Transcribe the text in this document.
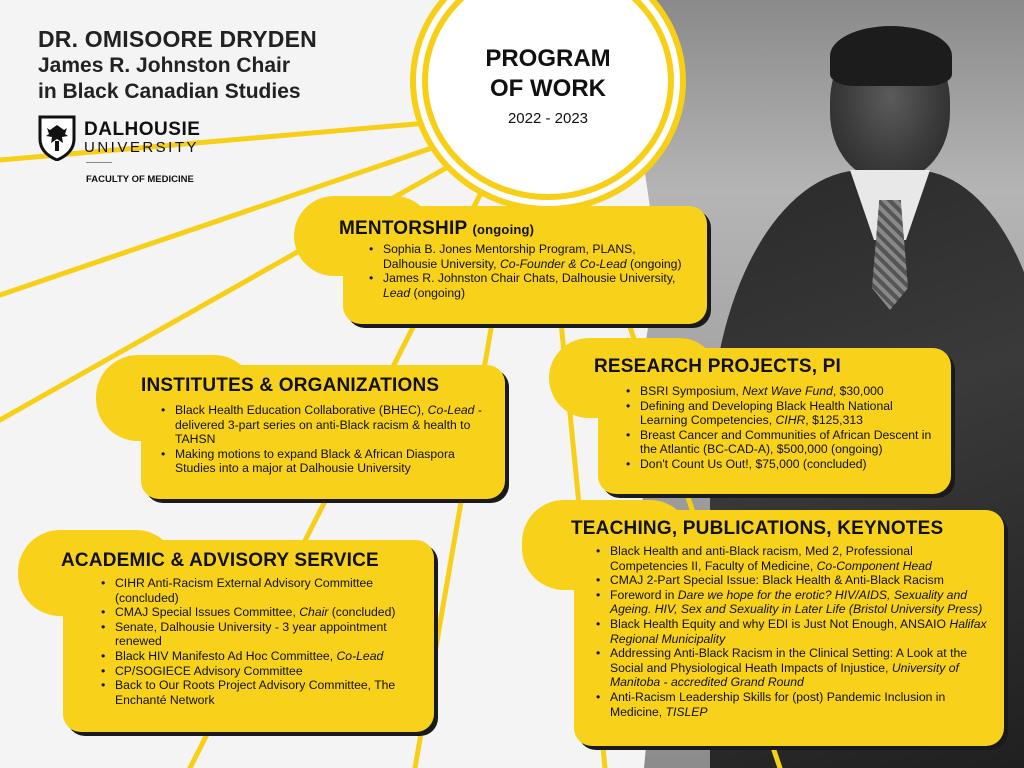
DR. OMISOORE DRYDEN
James R. Johnston Chair
in Black Canadian Studies
DALHOUSIE
UNIVERSITY
FACULTY OF MEDICINE
PROGRAM
OF WORK
2022 - 2023
MENTORSHIP (ongoing)
• Sophia B. Jones Mentorship Program, PLANS, Dalhousie University, Co-Founder & Co-Lead (ongoing)
• James R. Johnston Chair Chats, Dalhousie University, Lead (ongoing)
INSTITUTES & ORGANIZATIONS
• Black Health Education Collaborative (BHEC), Co-Lead - delivered 3-part series on anti-Black racism & health to TAHSN
• Making motions to expand Black & African Diaspora Studies into a major at Dalhousie University
RESEARCH PROJECTS, PI
• BSRI Symposium, Next Wave Fund, $30,000
• Defining and Developing Black Health National Learning Competencies, CIHR, $125,313
• Breast Cancer and Communities of African Descent in the Atlantic (BC-CAD-A), $500,000 (ongoing)
• Don't Count Us Out!, $75,000 (concluded)
ACADEMIC & ADVISORY SERVICE
• CIHR Anti-Racism External Advisory Committee (concluded)
• CMAJ Special Issues Committee, Chair (concluded)
• Senate, Dalhousie University - 3 year appointment renewed
• Black HIV Manifesto Ad Hoc Committee, Co-Lead
• CP/SOGIECE Advisory Committee
• Back to Our Roots Project Advisory Committee, The Enchanté Network
TEACHING, PUBLICATIONS, KEYNOTES
• Black Health and anti-Black racism, Med 2, Professional Competencies II, Faculty of Medicine, Co-Component Head
• CMAJ 2-Part Special Issue: Black Health & Anti-Black Racism
• Foreword in Dare we hope for the erotic? HIV/AIDS, Sexuality and Ageing. HIV, Sex and Sexuality in Later Life (Bristol University Press)
• Black Health Equity and why EDI is Just Not Enough, ANSAIO Halifax Regional Municipality
• Addressing Anti-Black Racism in the Clinical Setting: A Look at the Social and Physiological Heath Impacts of Injustice, University of Manitoba - accredited Grand Round
• Anti-Racism Leadership Skills for (post) Pandemic Inclusion in Medicine, TISLEP
